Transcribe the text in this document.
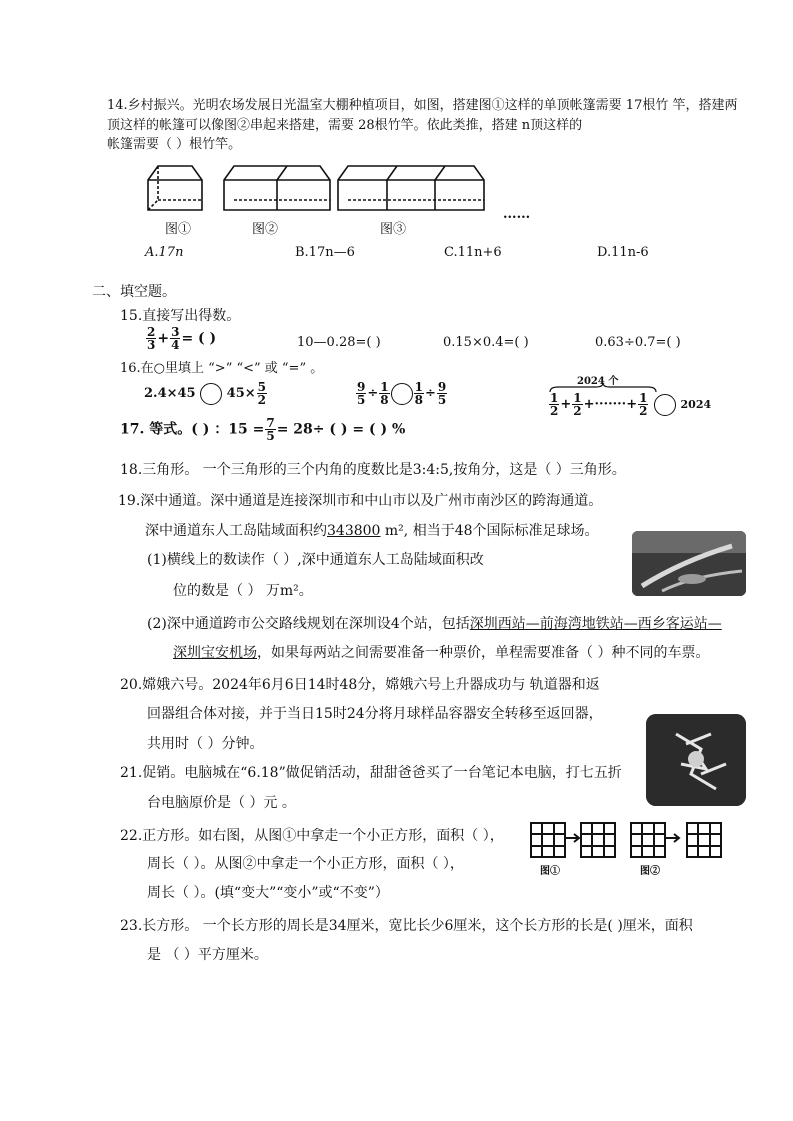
14.乡村振兴。光明农场发展日光温室大棚种植项目，如图，搭建图①这样的单顶帐篷需要 17根竹 竿，搭建两
顶这样的帐篷可以像图②串起来搭建，需要 28根竹竿。依此类推，搭建 n顶这样的
帐篷需要（ ）根竹竿。
图①	图②	图③
......
A.17n	B.17n—6	C.11n+6	D.11n-6
二、填空题。
15.直接写出得数。
$\frac{2}{3} + \frac{3}{4}$ = ( )	10—0.28=( )	0.15×0.4=( )	0.63÷0.7=( )
16.在○里填上 “>” “<” 或 “=” 。
2.4×45 $45\times \frac{5}{2}$	$\frac{9}{5} \div \frac{1}{8} \frac{1}{8} \div \frac{9}{5}$	2024 个
$\frac{1}{2} + \frac{1}{2}$ +·······+ $\frac{1}{2}$	2024
17. 等式。( ) ：$15 = \frac{7}{5} = 28\div$ ( ) = ( ) %
18.三角形。 一个三角形的三个内角的度数比是3:4:5,按角分，这是（ ）三角形。
19.深中通道。深中通道是连接深圳市和中山市以及广州市南沙区的跨海通道。
深中通道东人工岛陆域面积约343800 m², 相当于48个国际标准足球场。
(1)横线上的数读作（ ）,深中通道东人工岛陆域面积改
位的数是（ ） 万m²。
(2)深中通道跨市公交路线规划在深圳设4个站，包括深圳西站—前海湾地铁站—西乡客运站—
深圳宝安机场，如果每两站之间需要准备一种票价，单程需要准备（ ）种不同的车票。
20.嫦娥六号。2024年6月6日14时48分，嫦娥六号上升器成功与 轨道器和返
回器组合体对接，并于当日15时24分将月球样品容器安全转移至返回器，
共用时（ ）分钟。
21.促销。电脑城在“6.18”做促销活动，甜甜爸爸买了一台笔记本电脑，打七五折
台电脑原价是（ ）元 。
22.正方形。如右图，从图①中拿走一个小正方形，面积（ ），
周长（ ）。从图②中拿走一个小正方形，面积（ ），
周长（ ）。(填“变大”“变小”或“不变”）
图①	图②
23.长方形。 一个长方形的周长是34厘米，宽比长少6厘米，这个长方形的长是( )厘米，面积
是 （ ）平方厘米。
